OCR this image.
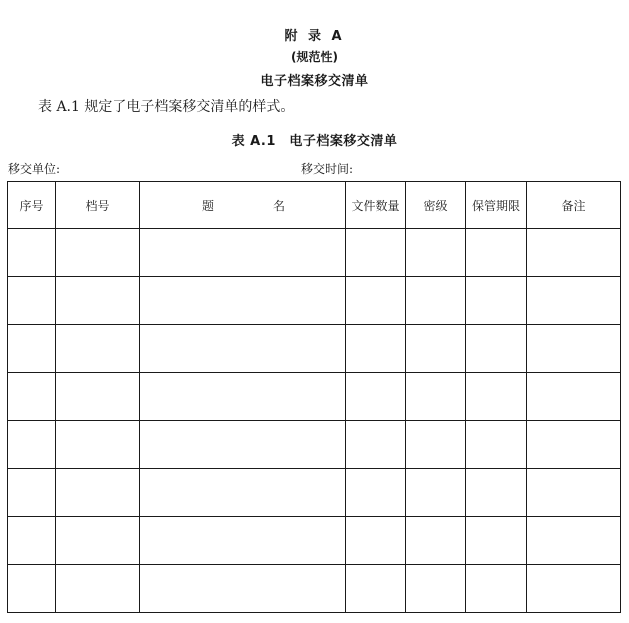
附 录 A
(规范性)
电子档案移交清单
表 A.1 规定了电子档案移交清单的样式。
表 A.1　电子档案移交清单
移交单位:	移交时间:
序号	档号	题 名	文件数量	密级	保管期限	备注
